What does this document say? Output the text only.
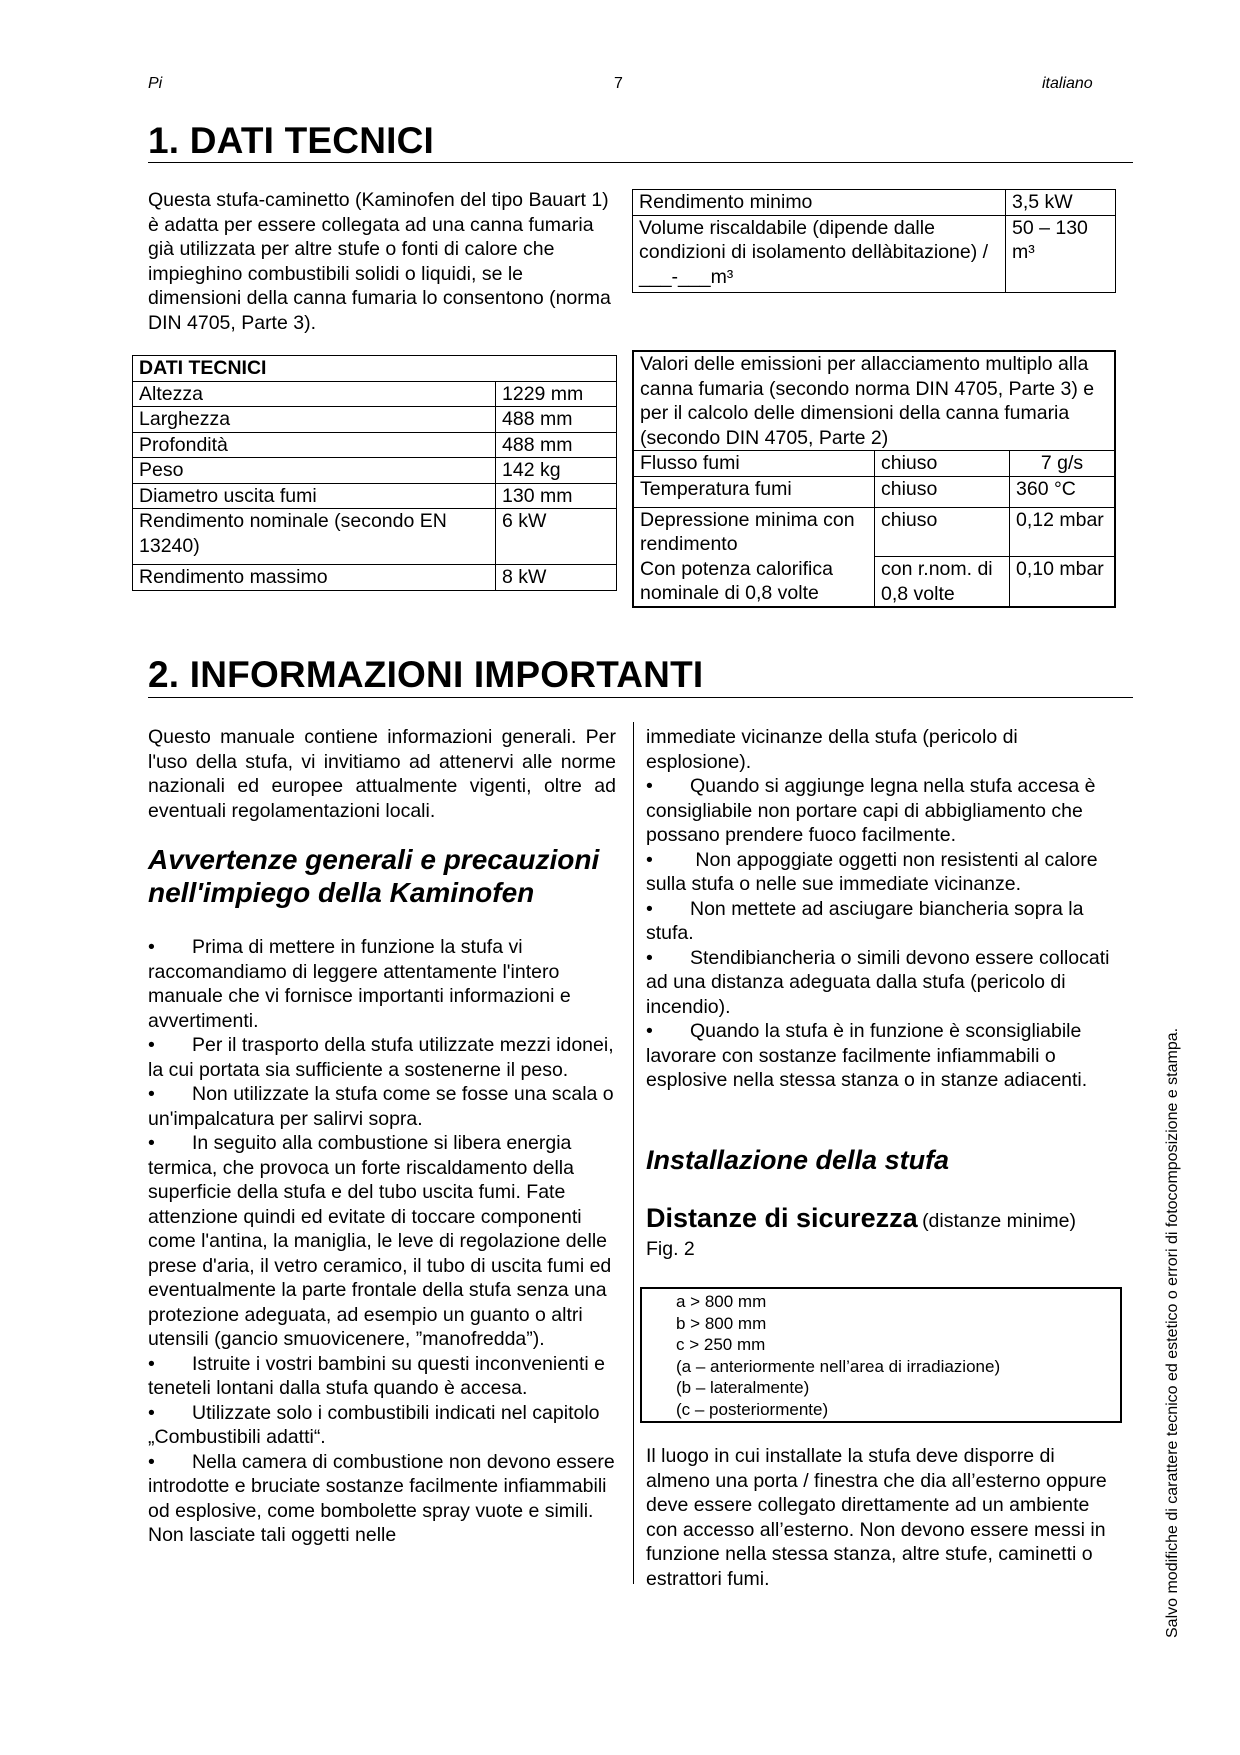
Pi	7	italiano
1. DATI TECNICI
Questa stufa-caminetto (Kaminofen del tipo Bauart 1) è adatta per essere collegata ad una canna fumaria già utilizzata per altre stufe o fonti di calore che impieghino combustibili solidi o liquidi, se le dimensioni della canna fumaria lo consentono (norma DIN 4705, Parte 3).
Rendimento minimo	3,5 kW
Volume riscaldabile (dipende dalle condizioni di isolamento dellàbitazione) / ___-___m³	50 – 130 m³
DATI TECNICI	
Altezza	1229 mm
Larghezza	488 mm
Profondità	488 mm
Peso	142 kg
Diametro uscita fumi	130 mm
Rendimento nominale (secondo EN 13240)	6 kW
Rendimento massimo	8 kW
Valori delle emissioni per allacciamento multiplo alla canna fumaria (secondo norma DIN 4705, Parte 3) e per il calcolo delle dimensioni della canna fumaria (secondo DIN 4705, Parte 2)		
Flusso fumi	chiuso	7 g/s
Temperatura fumi	chiuso	360 °C
Depressione minima con rendimento	chiuso	0,12 mbar
Con potenza calorifica nominale di 0,8 volte	con r.nom. di 0,8 volte	0,10 mbar
2. INFORMAZIONI IMPORTANTI
Questo manuale contiene informazioni generali. Per l'uso della stufa, vi invitiamo ad attenervi alle norme nazionali ed europee attualmente vigenti, oltre ad eventuali regolamentazioni locali.
Avvertenze generali e precauzioni nell'impiego della Kaminofen
• Prima di mettere in funzione la stufa vi raccomandiamo di leggere attentamente l'intero manuale che vi fornisce importanti informazioni e avvertimenti.
• Per il trasporto della stufa utilizzate mezzi idonei, la cui portata sia sufficiente a sostenerne il peso.
• Non utilizzate la stufa come se fosse una scala o un'impalcatura per salirvi sopra.
• In seguito alla combustione si libera energia termica, che provoca un forte riscaldamento della superficie della stufa e del tubo uscita fumi. Fate attenzione quindi ed evitate di toccare componenti come l'antina, la maniglia, le leve di regolazione delle prese d'aria, il vetro ceramico, il tubo di uscita fumi ed eventualmente la parte frontale della stufa senza una protezione adeguata, ad esempio un guanto o altri utensili (gancio smuovicenere, ”manofredda”).
• Istruite i vostri bambini su questi inconvenienti e teneteli lontani dalla stufa quando è accesa.
• Utilizzate solo i combustibili indicati nel capitolo „Combustibili adatti“.
• Nella camera di combustione non devono essere introdotte e bruciate sostanze facilmente infiammabili od esplosive, come bombolette spray vuote e simili. Non lasciate tali oggetti nelle
immediate vicinanze della stufa (pericolo di esplosione).
• Quando si aggiunge legna nella stufa accesa è consigliabile non portare capi di abbigliamento che possano prendere fuoco facilmente.
• Non appoggiate oggetti non resistenti al calore sulla stufa o nelle sue immediate vicinanze.
• Non mettete ad asciugare biancheria sopra la stufa.
• Stendibiancheria o simili devono essere collocati ad una distanza adeguata dalla stufa (pericolo di incendio).
• Quando la stufa è in funzione è sconsigliabile lavorare con sostanze facilmente infiammabili o esplosive nella stessa stanza o in stanze adiacenti.
Installazione della stufa
Distanze di sicurezza (distanze minime)
Fig. 2
a > 800 mm
b > 800 mm
c > 250 mm
(a – anteriormente nell’area di irradiazione)
(b – lateralmente)
(c – posteriormente)
Il luogo in cui installate la stufa deve disporre di almeno una porta / finestra che dia all’esterno oppure deve essere collegato direttamente ad un ambiente con accesso all’esterno. Non devono essere messi in funzione nella stessa stanza, altre stufe, caminetti o estrattori fumi.	Salvo modifiche di carattere tecnico ed estetico o errori di fotocomposizione e stampa.
